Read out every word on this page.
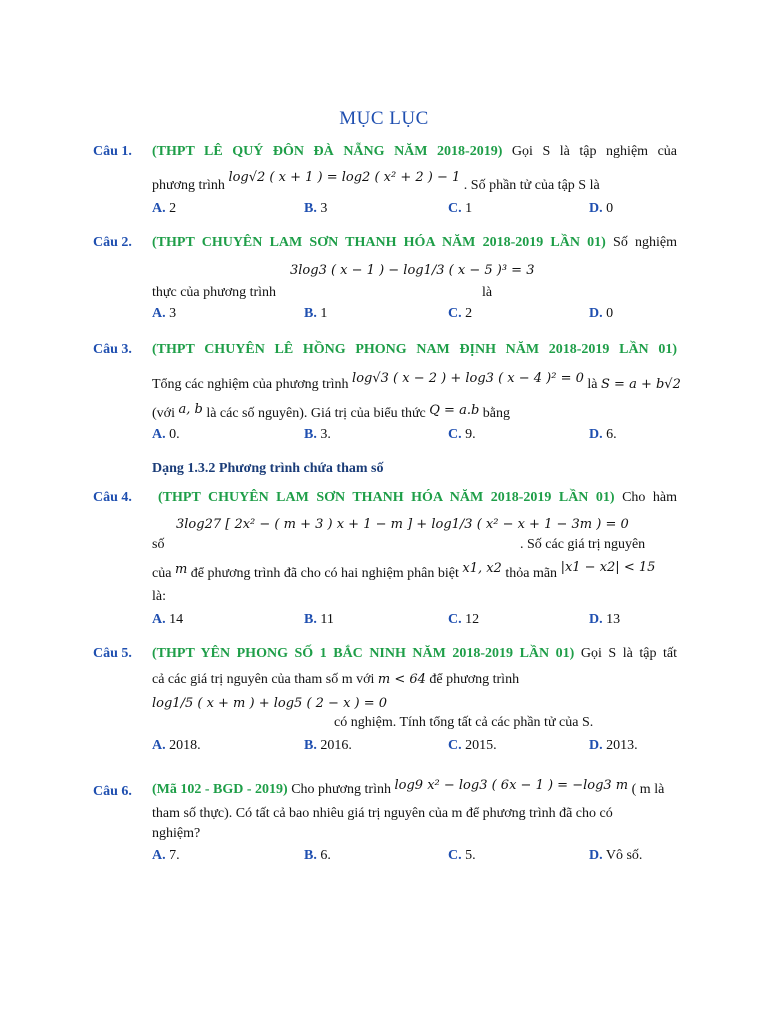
MỤC LỤC
Câu 1. (THPT LÊ QUÝ ĐÔN ĐÀ NẴNG NĂM 2018-2019) Gọi S là tập nghiệm của
phương trình log√2 ( x + 1 ) = log2 ( x² + 2 ) − 1 . Số phần tử của tập S là
A. 2	B. 3	C. 1	D. 0
Câu 2. (THPT CHUYÊN LAM SƠN THANH HÓA NĂM 2018-2019 LẦN 01) Số nghiệm
3log3 ( x − 1 ) − log1/3 ( x − 5 )³ = 3
thực của phương trình	là
A. 3	B. 1	C. 2	D. 0
Câu 3. (THPT CHUYÊN LÊ HỒNG PHONG NAM ĐỊNH NĂM 2018-2019 LẦN 01)
Tổng các nghiệm của phương trình log√3 ( x − 2 ) + log3 ( x − 4 )² = 0 là S = a + b√2
(với a, b là các số nguyên). Giá trị của biểu thức Q = a.b bằng
A. 0.	B. 3.	C. 9.	D. 6.
Dạng 1.3.2 Phương trình chứa tham số
Câu 4. (THPT CHUYÊN LAM SƠN THANH HÓA NĂM 2018-2019 LẦN 01) Cho hàm
3log27 [ 2x² − ( m + 3 ) x + 1 − m ] + log1/3 ( x² − x + 1 − 3m ) = 0
số	. Số các giá trị nguyên
của m để phương trình đã cho có hai nghiệm phân biệt x1, x2 thỏa mãn |x1 − x2| < 15
là:
A. 14	B. 11	C. 12	D. 13
Câu 5. (THPT YÊN PHONG SỐ 1 BẮC NINH NĂM 2018-2019 LẦN 01) Gọi S là tập tất
cả các giá trị nguyên của tham số m với m < 64 để phương trình
log1/5 ( x + m ) + log5 ( 2 − x ) = 0
có nghiệm. Tính tổng tất cả các phần tử của S.
A. 2018.	B. 2016.	C. 2015.	D. 2013.
Câu 6. (Mã 102 - BGD - 2019) Cho phương trình log9 x² − log3 ( 6x − 1 ) = −log3 m ( m là
tham số thực). Có tất cả bao nhiêu giá trị nguyên của m để phương trình đã cho có
nghiệm?
A. 7.	B. 6.	C. 5.	D. Vô số.
